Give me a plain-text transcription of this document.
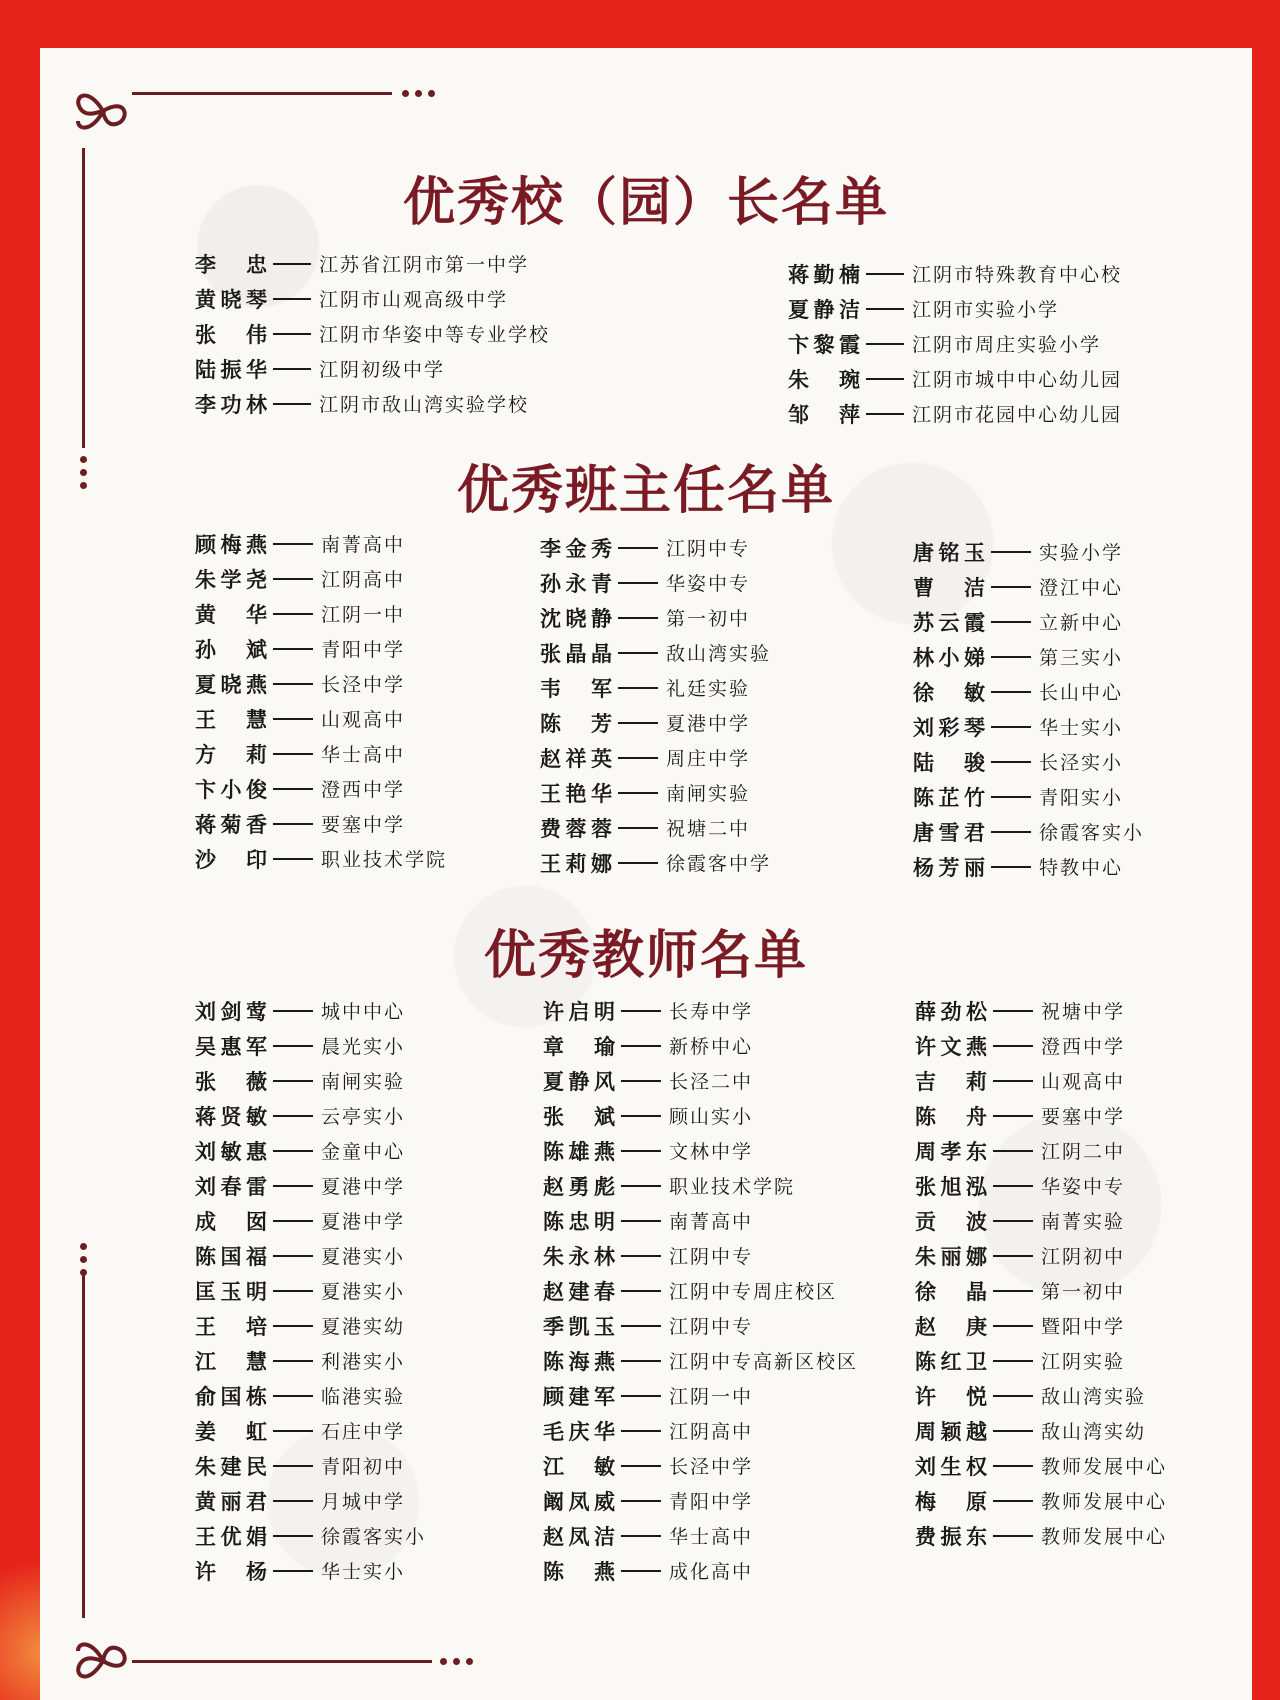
优秀校（园）长名单
李　忠	江苏省江阴市第一中学
黄晓琴	江阴市山观高级中学
张　伟	江阴市华姿中等专业学校
陆振华	江阴初级中学
李功林	江阴市敌山湾实验学校
蒋勤楠	江阴市特殊教育中心校
夏静洁	江阴市实验小学
卞黎霞	江阴市周庄实验小学
朱　琬	江阴市城中中心幼儿园
邹　萍	江阴市花园中心幼儿园
优秀班主任名单
顾梅燕	南菁高中
朱学尧	江阴高中
黄　华	江阴一中
孙　斌	青阳中学
夏晓燕	长泾中学
王　慧	山观高中
方　莉	华士高中
卞小俊	澄西中学
蒋菊香	要塞中学
沙　印	职业技术学院
李金秀	江阴中专
孙永青	华姿中专
沈晓静	第一初中
张晶晶	敌山湾实验
韦　军	礼廷实验
陈　芳	夏港中学
赵祥英	周庄中学
王艳华	南闸实验
费蓉蓉	祝塘二中
王莉娜	徐霞客中学
唐铭玉	实验小学
曹　洁	澄江中心
苏云霞	立新中心
林小娣	第三实小
徐　敏	长山中心
刘彩琴	华士实小
陆　骏	长泾实小
陈芷竹	青阳实小
唐雪君	徐霞客实小
杨芳丽	特教中心
优秀教师名单
刘剑莺	城中中心
吴惠军	晨光实小
张　薇	南闸实验
蒋贤敏	云亭实小
刘敏惠	金童中心
刘春雷	夏港中学
成　囡	夏港中学
陈国福	夏港实小
匡玉明	夏港实小
王　培	夏港实幼
江　慧	利港实小
俞国栋	临港实验
姜　虹	石庄中学
朱建民	青阳初中
黄丽君	月城中学
王优娟	徐霞客实小
许　杨	华士实小
许启明	长寿中学
章　瑜	新桥中心
夏静风	长泾二中
张　斌	顾山实小
陈雄燕	文林中学
赵勇彪	职业技术学院
陈忠明	南菁高中
朱永林	江阴中专
赵建春	江阴中专周庄校区
季凯玉	江阴中专
陈海燕	江阴中专高新区校区
顾建军	江阴一中
毛庆华	江阴高中
江　敏	长泾中学
阚凤威	青阳中学
赵凤洁	华士高中
陈　燕	成化高中
薛劲松	祝塘中学
许文燕	澄西中学
吉　莉	山观高中
陈　舟	要塞中学
周孝东	江阴二中
张旭泓	华姿中专
贡　波	南菁实验
朱丽娜	江阴初中
徐　晶	第一初中
赵　庚	暨阳中学
陈红卫	江阴实验
许　悦	敌山湾实验
周颖越	敌山湾实幼
刘生权	教师发展中心
梅　原	教师发展中心
费振东	教师发展中心
